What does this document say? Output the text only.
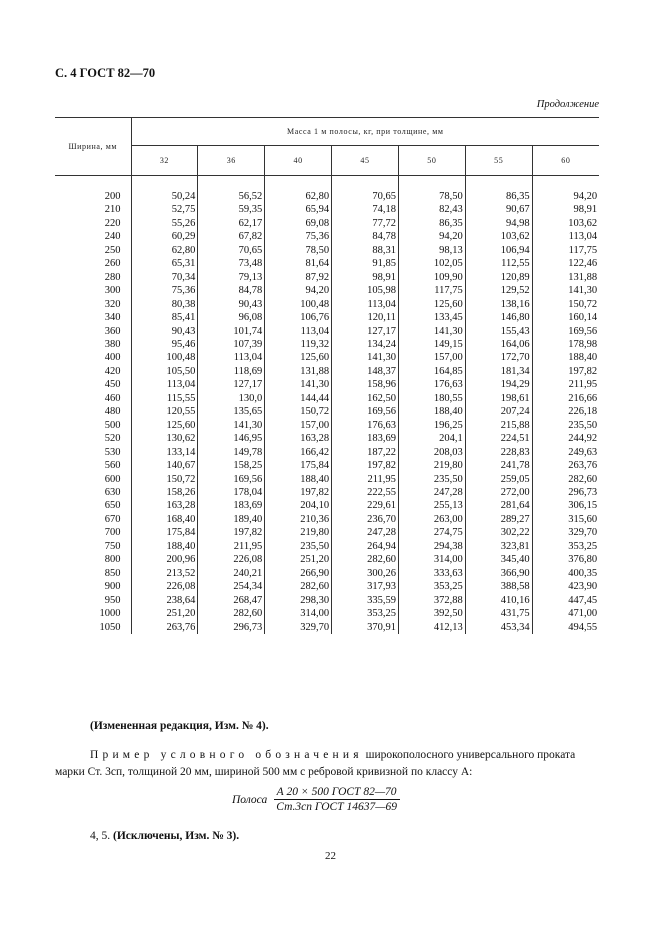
С. 4 ГОСТ 82—70
Продолжение
Ширина, мм	Масса 1 м полосы, кг, при толщине, мм						
	32	36	40	45	50	55	60

200	50,24	56,52	62,80	70,65	78,50	86,35	94,20
210	52,75	59,35	65,94	74,18	82,43	90,67	98,91
220	55,26	62,17	69,08	77,72	86,35	94,98	103,62
240	60,29	67,82	75,36	84,78	94,20	103,62	113,04
250	62,80	70,65	78,50	88,31	98,13	106,94	117,75
260	65,31	73,48	81,64	91,85	102,05	112,55	122,46
280	70,34	79,13	87,92	98,91	109,90	120,89	131,88
300	75,36	84,78	94,20	105,98	117,75	129,52	141,30
320	80,38	90,43	100,48	113,04	125,60	138,16	150,72
340	85,41	96,08	106,76	120,11	133,45	146,80	160,14
360	90,43	101,74	113,04	127,17	141,30	155,43	169,56
380	95,46	107,39	119,32	134,24	149,15	164,06	178,98
400	100,48	113,04	125,60	141,30	157,00	172,70	188,40
420	105,50	118,69	131,88	148,37	164,85	181,34	197,82
450	113,04	127,17	141,30	158,96	176,63	194,29	211,95
460	115,55	130,0	144,44	162,50	180,55	198,61	216,66
480	120,55	135,65	150,72	169,56	188,40	207,24	226,18
500	125,60	141,30	157,00	176,63	196,25	215,88	235,50
520	130,62	146,95	163,28	183,69	204,1	224,51	244,92
530	133,14	149,78	166,42	187,22	208,03	228,83	249,63
560	140,67	158,25	175,84	197,82	219,80	241,78	263,76
600	150,72	169,56	188,40	211,95	235,50	259,05	282,60
630	158,26	178,04	197,82	222,55	247,28	272,00	296,73
650	163,28	183,69	204,10	229,61	255,13	281,64	306,15
670	168,40	189,40	210,36	236,70	263,00	289,27	315,60
700	175,84	197,82	219,80	247,28	274,75	302,22	329,70
750	188,40	211,95	235,50	264,94	294,38	323,81	353,25
800	200,96	226,08	251,20	282,60	314,00	345,40	376,80
850	213,52	240,21	266,90	300,26	333,63	366,90	400,35
900	226,08	254,34	282,60	317,93	353,25	388,58	423,90
950	238,64	268,47	298,30	335,59	372,88	410,16	447,45
1000	251,20	282,60	314,00	353,25	392,50	431,75	471,00
1050	263,76	296,73	329,70	370,91	412,13	453,34	494,55
(Измененная редакция, Изм. № 4).
Пример условного обозначения широкополосного универсального проката марки Ст. 3сп, толщиной 20 мм, шириной 500 мм с ребровой кривизной по классу А:
Полоса $\frac{\text{А 20 × 500 ГОСТ 82—70}}{\text{Ст.3сп ГОСТ 14637—69}}$
4, 5. (Исключены, Изм. № 3).
22
